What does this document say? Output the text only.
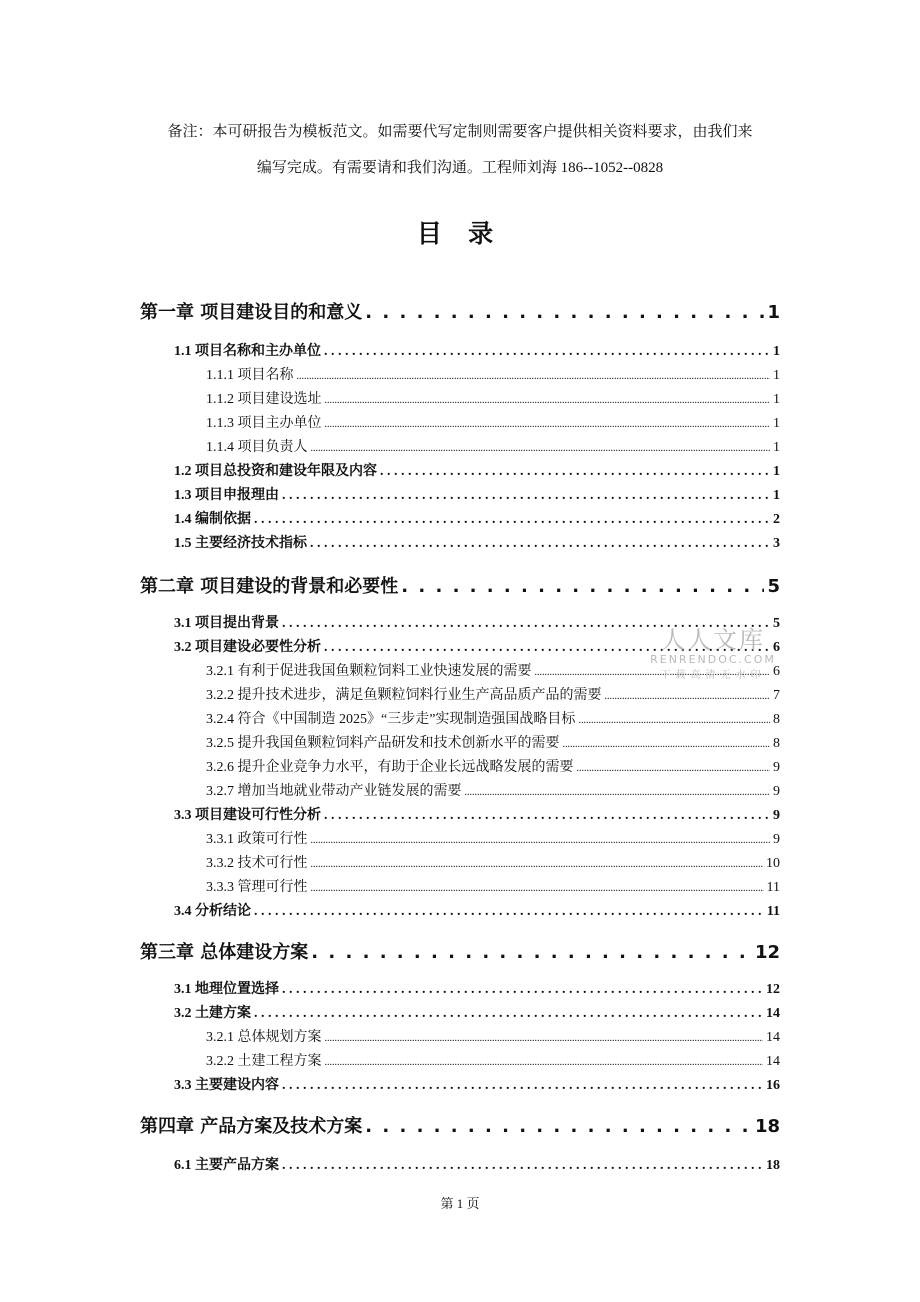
备注：本可研报告为模板范文。如需要代写定制则需要客户提供相关资料要求，由我们来
编写完成。有需要请和我们沟通。工程师刘海 186--1052--0828
目 录
第一章 项目建设目的和意义 . . .	1
1.1 项目名称和主办单位 . . .	1
1.1.1 项目名称 .....	1
1.1.2 项目建设选址 .....	1
1.1.3 项目主办单位 .....	1
1.1.4 项目负责人 .....	1
1.2 项目总投资和建设年限及内容 . . .	1
1.3 项目申报理由 . . .	1
1.4 编制依据 . . .	2
1.5 主要经济技术指标 . . .	3
第二章 项目建设的背景和必要性 . . .	5
3.1 项目提出背景 . . .	5
3.2 项目建设必要性分析 . . .	6
3.2.1 有利于促进我国鱼颗粒饲料工业快速发展的需要 .....	6
3.2.2 提升技术进步，满足鱼颗粒饲料行业生产高品质产品的需要 .....	7
3.2.4 符合《中国制造 2025》“三步走”实现制造强国战略目标 .....	8
3.2.5 提升我国鱼颗粒饲料产品研发和技术创新水平的需要 .....	8
3.2.6 提升企业竞争力水平，有助于企业长远战略发展的需要 .....	9
3.2.7 增加当地就业带动产业链发展的需要 .....	9
3.3 项目建设可行性分析 . . .	9
3.3.1 政策可行性 .....	9
3.3.2 技术可行性 .....	10
3.3.3 管理可行性 .....	11
3.4 分析结论 . . .	11
第三章 总体建设方案 . . .	12
3.1 地理位置选择 . . .	12
3.2 土建方案 . . .	14
3.2.1 总体规划方案 .....	14
3.2.2 土建工程方案 .....	14
3.3 主要建设内容 . . .	16
第四章 产品方案及技术方案 . . .	18
6.1 主要产品方案 . . .	18
人人文库
RENRENDOC.COM
下载高清无水印
第 1 页
